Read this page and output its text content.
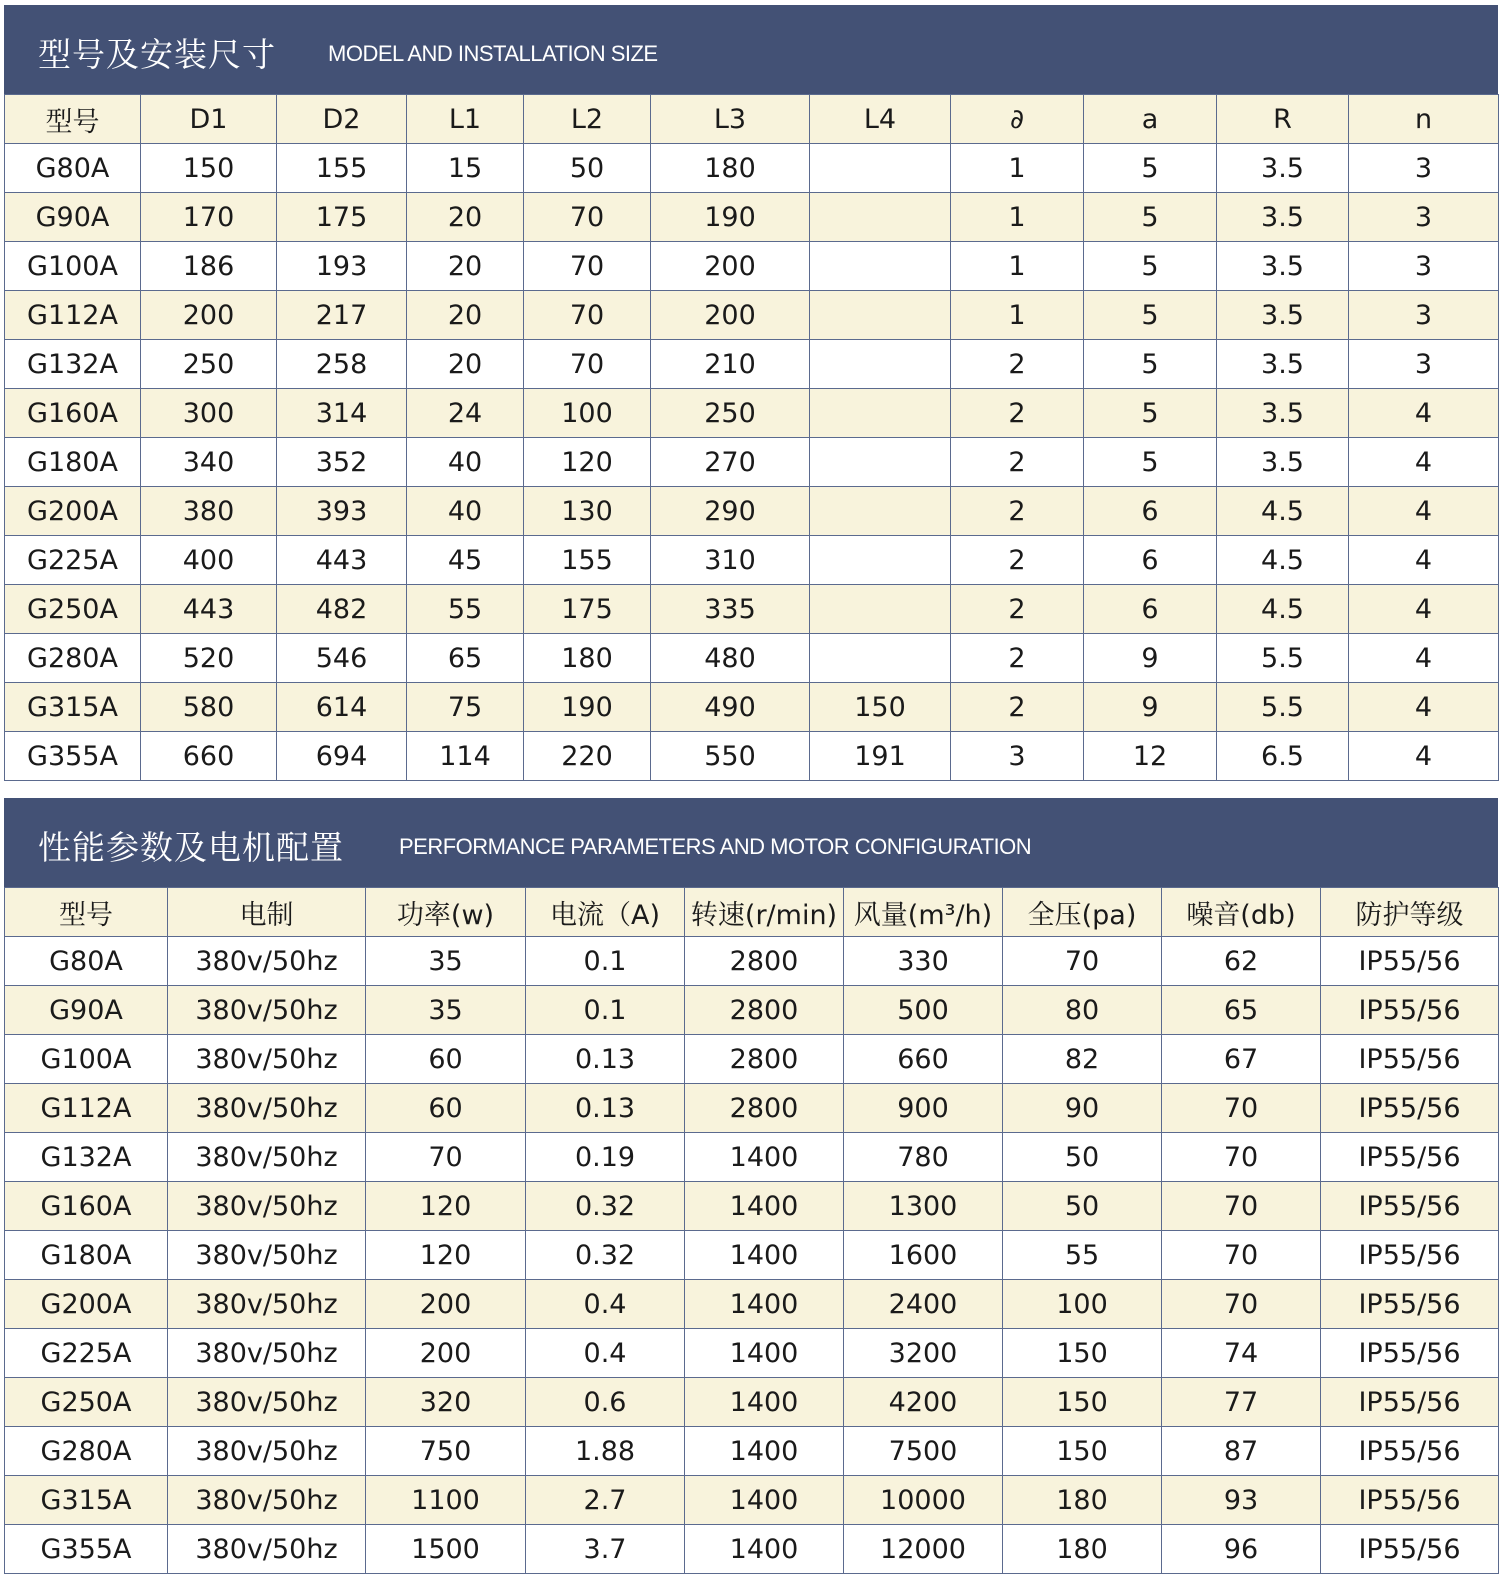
型号及安装尺寸 MODEL AND INSTALLATION SIZE
型号	D1	D2	L1	L2	L3	L4	∂	a	R	n
G80A	150	155	15	50	180		1	5	3.5	3
G90A	170	175	20	70	190		1	5	3.5	3
G100A	186	193	20	70	200		1	5	3.5	3
G112A	200	217	20	70	200		1	5	3.5	3
G132A	250	258	20	70	210		2	5	3.5	3
G160A	300	314	24	100	250		2	5	3.5	4
G180A	340	352	40	120	270		2	5	3.5	4
G200A	380	393	40	130	290		2	6	4.5	4
G225A	400	443	45	155	310		2	6	4.5	4
G250A	443	482	55	175	335		2	6	4.5	4
G280A	520	546	65	180	480		2	9	5.5	4
G315A	580	614	75	190	490	150	2	9	5.5	4
G355A	660	694	114	220	550	191	3	12	6.5	4
性能参数及电机配置	PERFORMANCE PARAMETERS AND MOTOR CONFIGURATION
型号	电制	功率(w)	电流（A)	转速(r/min)	风量(m³/h)	全压(pa)	噪音(db)	防护等级
G80A	380v/50hz	35	0.1	2800	330	70	62	IP55/56
G90A	380v/50hz	35	0.1	2800	500	80	65	IP55/56
G100A	380v/50hz	60	0.13	2800	660	82	67	IP55/56
G112A	380v/50hz	60	0.13	2800	900	90	70	IP55/56
G132A	380v/50hz	70	0.19	1400	780	50	70	IP55/56
G160A	380v/50hz	120	0.32	1400	1300	50	70	IP55/56
G180A	380v/50hz	120	0.32	1400	1600	55	70	IP55/56
G200A	380v/50hz	200	0.4	1400	2400	100	70	IP55/56
G225A	380v/50hz	200	0.4	1400	3200	150	74	IP55/56
G250A	380v/50hz	320	0.6	1400	4200	150	77	IP55/56
G280A	380v/50hz	750	1.88	1400	7500	150	87	IP55/56
G315A	380v/50hz	1100	2.7	1400	10000	180	93	IP55/56
G355A	380v/50hz	1500	3.7	1400	12000	180	96	IP55/56
